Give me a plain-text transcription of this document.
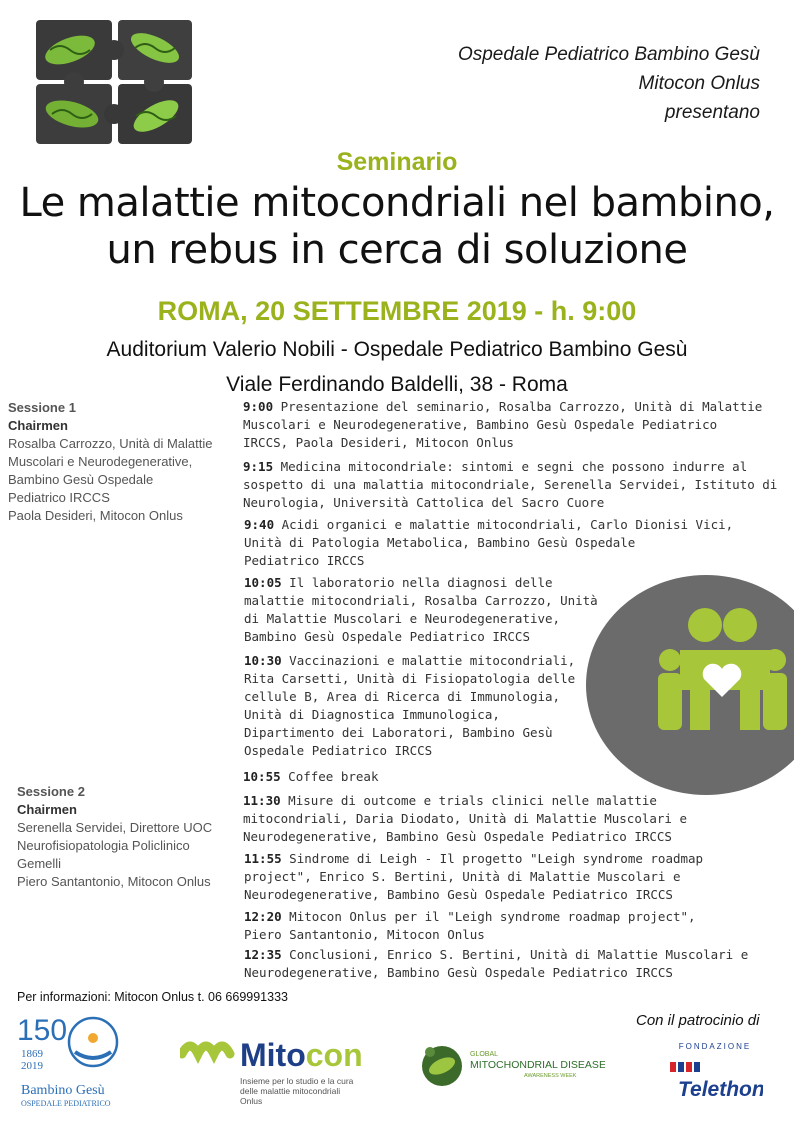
Ospedale Pediatrico Bambino Gesù
Mitocon Onlus
presentano
Seminario
Le malattie mitocondriali nel bambino,
un rebus in cerca di soluzione
ROMA, 20 SETTEMBRE 2019 - h. 9:00
Auditorium Valerio Nobili - Ospedale Pediatrico Bambino Gesù
Viale Ferdinando Baldelli, 38 - Roma
Sessione 1
Chairmen
Rosalba Carrozzo, Unità di Malattie
Muscolari e Neurodegenerative,
Bambino Gesù Ospedale
Pediatrico IRCCS
Paola Desideri, Mitocon Onlus
Sessione 2
Chairmen
Serenella Servidei, Direttore UOC
Neurofisiopatologia Policlinico
Gemelli
Piero Santantonio, Mitocon Onlus
9:00 Presentazione del seminario, Rosalba Carrozzo, Unità di Malattie
Muscolari e Neurodegenerative, Bambino Gesù Ospedale Pediatrico
IRCCS, Paola Desideri, Mitocon Onlus
9:15 Medicina mitocondriale: sintomi e segni che possono indurre al
sospetto di una malattia mitocondriale, Serenella Servidei, Istituto di
Neurologia, Università Cattolica del Sacro Cuore
9:40 Acidi organici e malattie mitocondriali, Carlo Dionisi Vici,
Unità di Patologia Metabolica, Bambino Gesù Ospedale
Pediatrico IRCCS
10:05 Il laboratorio nella diagnosi delle
malattie mitocondriali, Rosalba Carrozzo, Unità
di Malattie Muscolari e Neurodegenerative,
Bambino Gesù Ospedale Pediatrico IRCCS
10:30 Vaccinazioni e malattie mitocondriali,
Rita Carsetti, Unità di Fisiopatologia delle
cellule B, Area di Ricerca di Immunologia,
Unità di Diagnostica Immunologica,
Dipartimento dei Laboratori, Bambino Gesù
Ospedale Pediatrico IRCCS
10:55 Coffee break
11:30 Misure di outcome e trials clinici nelle malattie
mitocondriali, Daria Diodato, Unità di Malattie Muscolari e
Neurodegenerative, Bambino Gesù Ospedale Pediatrico IRCCS
11:55 Sindrome di Leigh - Il progetto "Leigh syndrome roadmap
project", Enrico S. Bertini, Unità di Malattie Muscolari e
Neurodegenerative, Bambino Gesù Ospedale Pediatrico IRCCS
12:20 Mitocon Onlus per il "Leigh syndrome roadmap project",
Piero Santantonio, Mitocon Onlus
12:35 Conclusioni, Enrico S. Bertini, Unità di Malattie Muscolari e
Neurodegenerative, Bambino Gesù Ospedale Pediatrico IRCCS
Per informazioni: Mitocon Onlus t. 06 669991333
Con il patrocinio di
150
1869
2019
Bambino Gesù
OSPEDALE PEDIATRICO
Mitocon
Insieme per lo studio e la cura
delle malattie mitocondriali
Onlus
GLOBAL
MITOCHONDRIAL DISEASE
AWARENESS WEEK
FONDAZIONE
Telethon
